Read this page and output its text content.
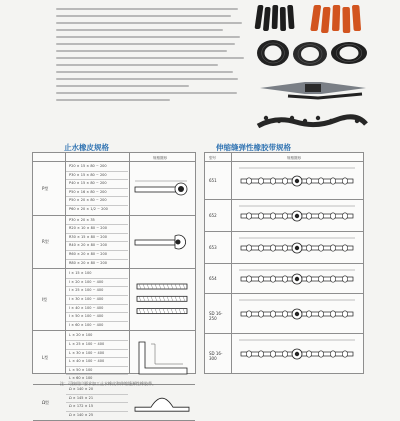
止水橡皮规格	伸缩缝弹性橡胶带规格
规格图形
P型
P20 × 15 × 80 ~ 200
P30 × 15 × 80 ~ 200
P40 × 15 × 80 ~ 200
P50 × 16 × 80 ~ 200
P50 × 20 × 80 ~ 200
P60 × 20 × 1/2 ~ 200
R型
P30 × 20 × 35
R20 × 10 × 80 ~ 200
R30 × 15 × 80 ~ 200
R40 × 20 × 80 ~ 200
R60 × 20 × 80 ~ 200
R80 × 20 × 80 ~ 200
I型
I × 15 × 100
I × 20 × 100 ~ 400
I × 25 × 100 ~ 400
I × 30 × 100 ~ 400
I × 40 × 100 ~ 400
I × 50 × 100 ~ 400
I × 60 × 100 ~ 400
L型
L × 20 × 100
L × 25 × 100 ~ 400
L × 30 × 100 ~ 400
L × 40 × 100 ~ 400
L × 50 × 100
L × 60 × 100
Ω型
Ω × 140 × 20
Ω × 145 × 21
Ω × 172 × 15
Ω × 140 × 25
型号	规格图形
651
652
653
654
SD 16-250
SD 16-300
注：可按用户要求加工止水橡皮和伸缩缝弹性橡胶带。
